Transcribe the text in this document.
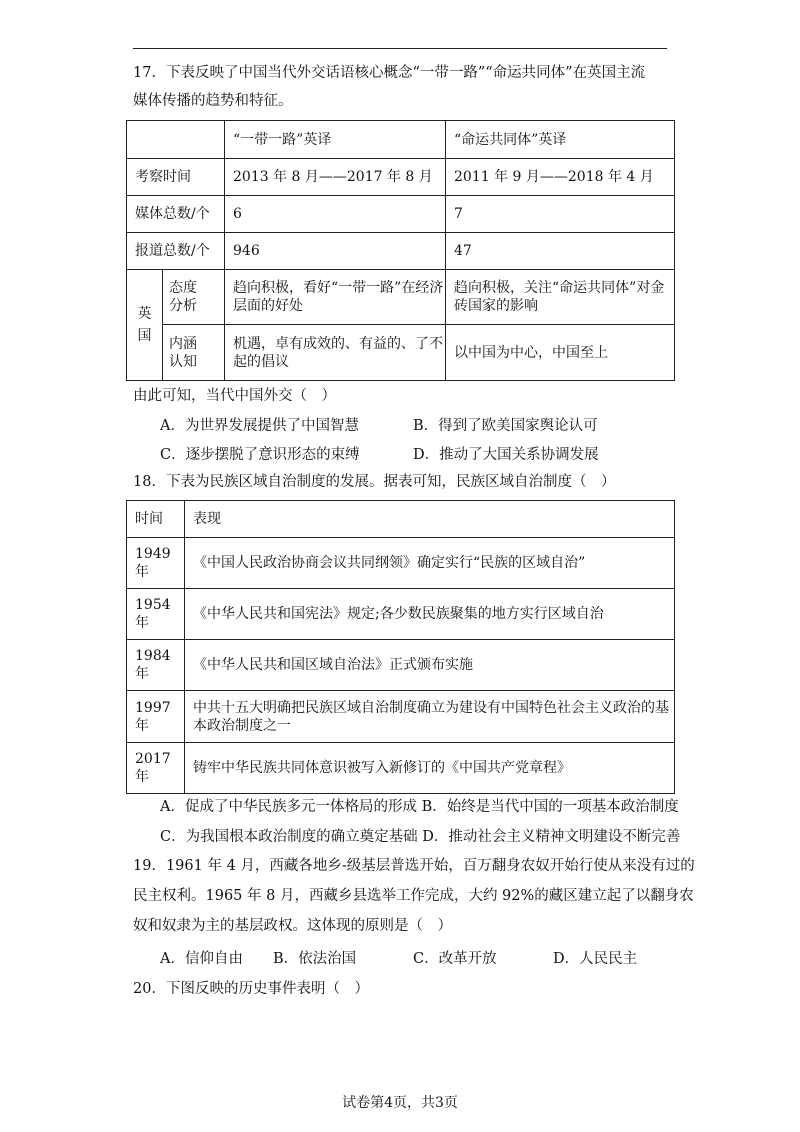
17．下表反映了中国当代外交话语核心概念“一带一路”“命运共同体”在英国主流
媒体传播的趋势和特征。
		“一带一路”英译	“命运共同体”英译
考察时间		2013 年 8 月——2017 年 8 月	2011 年 9 月——2018 年 4 月
媒体总数/个		6	7
报道总数/个		946	47
英国	态度分析	趋向积极，看好“一带一路”在经济层面的好处	趋向积极，关注“命运共同体”对金砖国家的影响
	内涵认知	机遇，卓有成效的、有益的、了不起的倡议	以中国为中心，中国至上
由此可知，当代中国外交（　）
A．为世界发展提供了中国智慧	B．得到了欧美国家舆论认可
C．逐步摆脱了意识形态的束缚	D．推动了大国关系协调发展
18．下表为民族区域自治制度的发展。据表可知，民族区域自治制度（　）
时间	表现
1949 年	《中国人民政治协商会议共同纲领》确定实行“民族的区域自治”
1954 年	《中华人民共和国宪法》规定;各少数民族聚集的地方实行区域自治
1984 年	《中华人民共和国区域自治法》正式颁布实施
1997 年	中共十五大明确把民族区域自治制度确立为建设有中国特色社会主义政治的基本政治制度之一
2017 年	铸牢中华民族共同体意识被写入新修订的《中国共产党章程》
A．促成了中华民族多元一体格局的形成 B．始终是当代中国的一项基本政治制度
C．为我国根本政治制度的确立奠定基础 D．推动社会主义精神文明建设不断完善
19．1961 年 4 月，西藏各地乡-级基层普选开始，百万翻身农奴开始行使从来没有过的
民主权利。1965 年 8 月，西藏乡县选举工作完成，大约 92%的藏区建立起了以翻身农
奴和奴隶为主的基层政权。这体现的原则是（　）
A．信仰自由 B．依法治国	C．改革开放	D．人民民主
20．下图反映的历史事件表明（　）
试卷第4页，共3页
